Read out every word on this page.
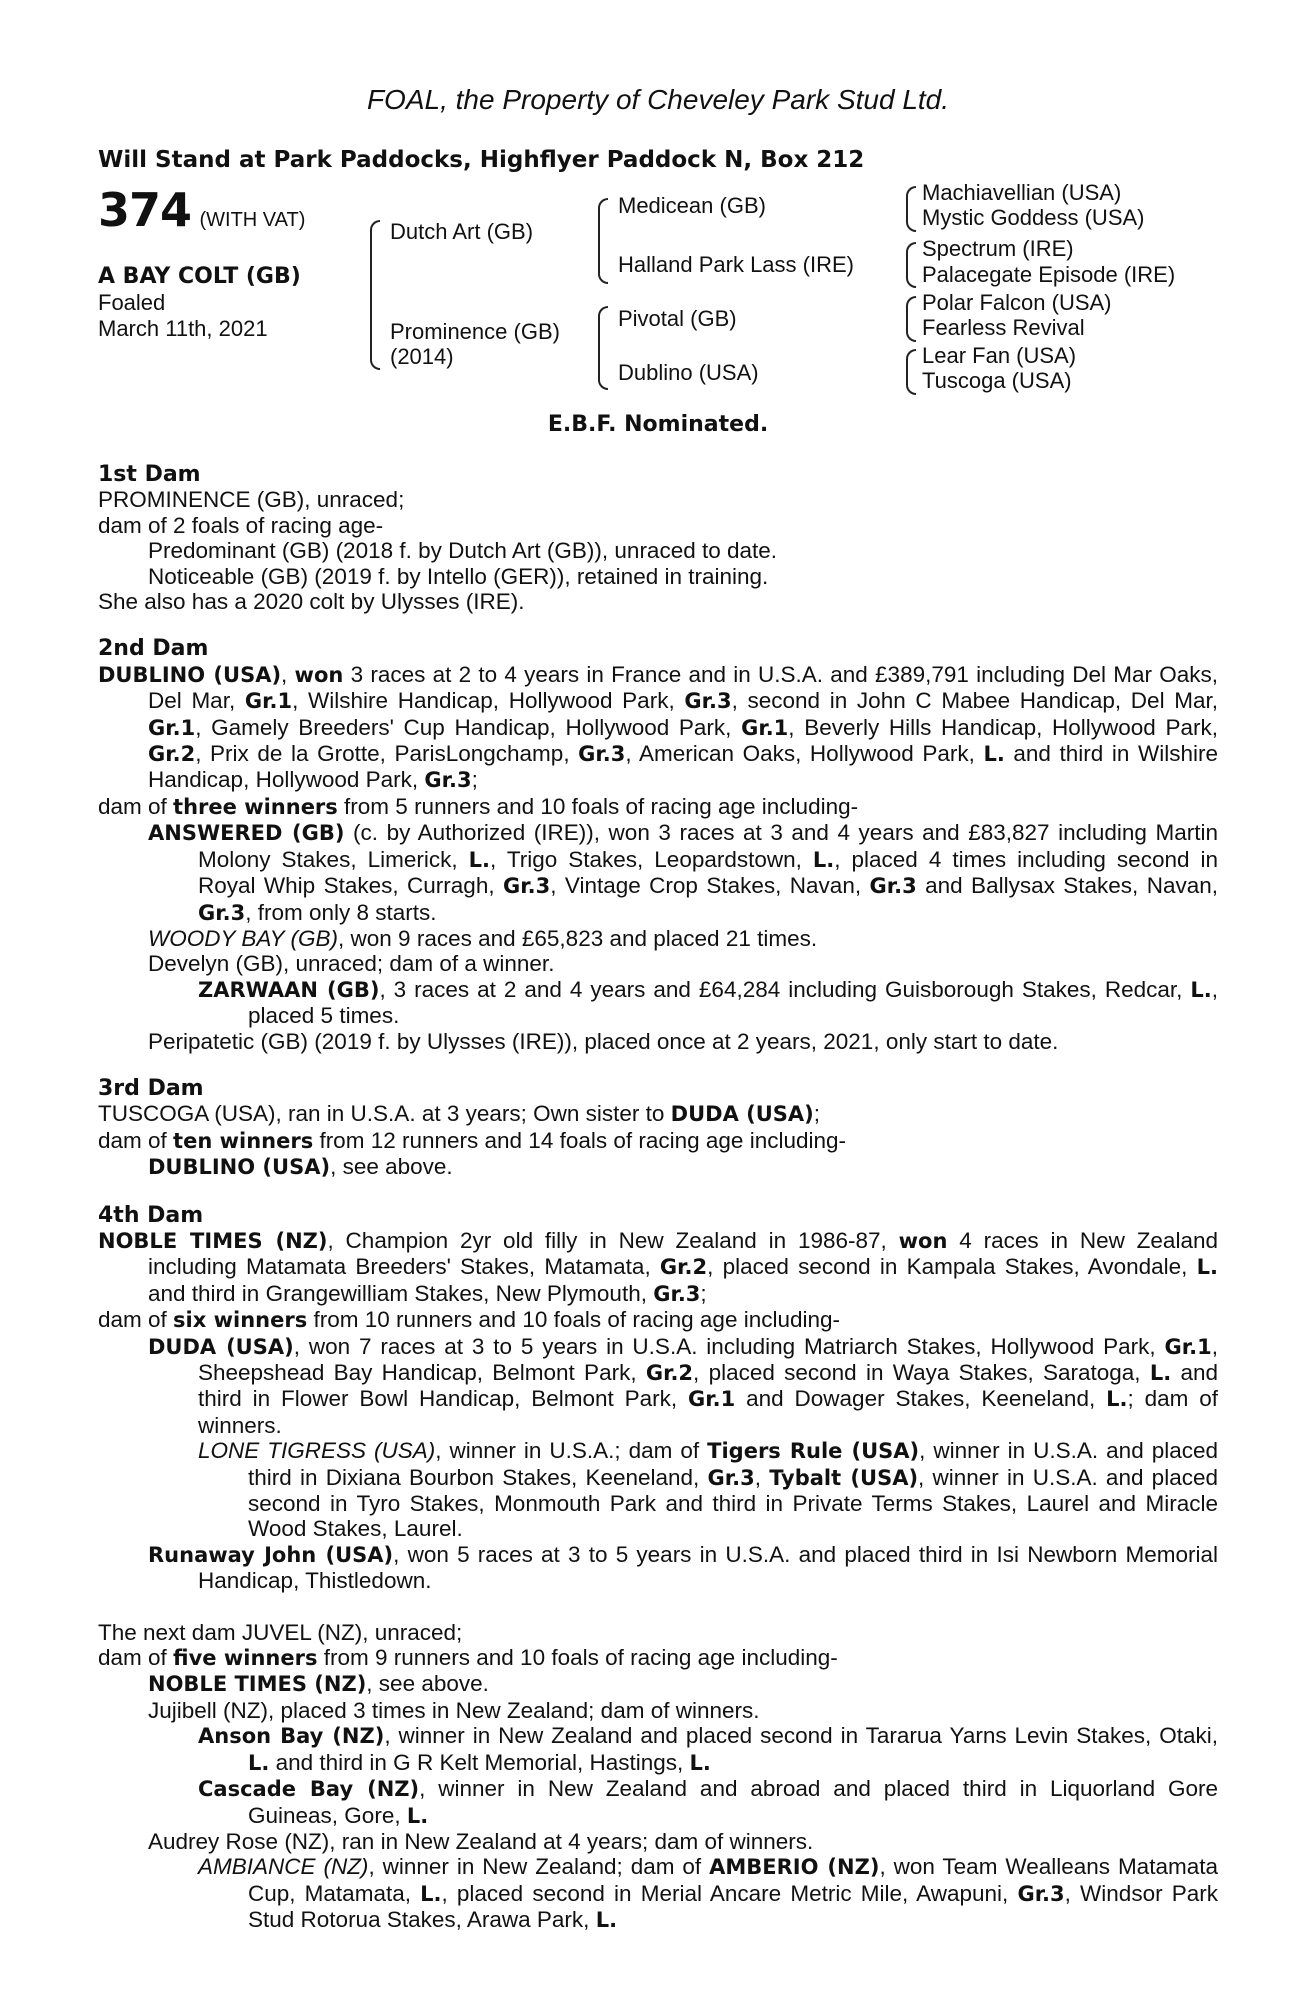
FOAL, the Property of Cheveley Park Stud Ltd.
Will Stand at Park Paddocks, Highflyer Paddock N, Box 212
374 (WITH VAT)
A BAY COLT (GB)
Foaled
March 11th, 2021
Dutch Art (GB)
Prominence (GB)
(2014)
Medicean (GB)
Halland Park Lass (IRE)
Pivotal (GB)
Dublino (USA)
Machiavellian (USA)
Mystic Goddess (USA)
Spectrum (IRE)
Palacegate Episode (IRE)
Polar Falcon (USA)
Fearless Revival
Lear Fan (USA)
Tuscoga (USA)
E.B.F. Nominated.
1st Dam
PROMINENCE (GB), unraced;
dam of 2 foals of racing age-
Predominant (GB) (2018 f. by Dutch Art (GB)), unraced to date.
Noticeable (GB) (2019 f. by Intello (GER)), retained in training.
She also has a 2020 colt by Ulysses (IRE).
2nd Dam
DUBLINO (USA), won 3 races at 2 to 4 years in France and in U.S.A. and £389,791 including Del Mar Oaks, Del Mar, Gr.1, Wilshire Handicap, Hollywood Park, Gr.3, second in John C Mabee Handicap, Del Mar, Gr.1, Gamely Breeders' Cup Handicap, Hollywood Park, Gr.1, Beverly Hills Handicap, Hollywood Park, Gr.2, Prix de la Grotte, ParisLongchamp, Gr.3, American Oaks, Hollywood Park, L. and third in Wilshire Handicap, Hollywood Park, Gr.3;
dam of three winners from 5 runners and 10 foals of racing age including-
ANSWERED (GB) (c. by Authorized (IRE)), won 3 races at 3 and 4 years and £83,827 including Martin Molony Stakes, Limerick, L., Trigo Stakes, Leopardstown, L., placed 4 times including second in Royal Whip Stakes, Curragh, Gr.3, Vintage Crop Stakes, Navan, Gr.3 and Ballysax Stakes, Navan, Gr.3, from only 8 starts.
WOODY BAY (GB), won 9 races and £65,823 and placed 21 times.
Develyn (GB), unraced; dam of a winner.
ZARWAAN (GB), 3 races at 2 and 4 years and £64,284 including Guisborough Stakes, Redcar, L., placed 5 times.
Peripatetic (GB) (2019 f. by Ulysses (IRE)), placed once at 2 years, 2021, only start to date.
3rd Dam
TUSCOGA (USA), ran in U.S.A. at 3 years; Own sister to DUDA (USA);
dam of ten winners from 12 runners and 14 foals of racing age including-
DUBLINO (USA), see above.
4th Dam
NOBLE TIMES (NZ), Champion 2yr old filly in New Zealand in 1986-87, won 4 races in New Zealand including Matamata Breeders' Stakes, Matamata, Gr.2, placed second in Kampala Stakes, Avondale, L. and third in Grangewilliam Stakes, New Plymouth, Gr.3;
dam of six winners from 10 runners and 10 foals of racing age including-
DUDA (USA), won 7 races at 3 to 5 years in U.S.A. including Matriarch Stakes, Hollywood Park, Gr.1, Sheepshead Bay Handicap, Belmont Park, Gr.2, placed second in Waya Stakes, Saratoga, L. and third in Flower Bowl Handicap, Belmont Park, Gr.1 and Dowager Stakes, Keeneland, L.; dam of winners.
LONE TIGRESS (USA), winner in U.S.A.; dam of Tigers Rule (USA), winner in U.S.A. and placed third in Dixiana Bourbon Stakes, Keeneland, Gr.3, Tybalt (USA), winner in U.S.A. and placed second in Tyro Stakes, Monmouth Park and third in Private Terms Stakes, Laurel and Miracle Wood Stakes, Laurel.
Runaway John (USA), won 5 races at 3 to 5 years in U.S.A. and placed third in Isi Newborn Memorial Handicap, Thistledown.
The next dam JUVEL (NZ), unraced;
dam of five winners from 9 runners and 10 foals of racing age including-
NOBLE TIMES (NZ), see above.
Jujibell (NZ), placed 3 times in New Zealand; dam of winners.
Anson Bay (NZ), winner in New Zealand and placed second in Tararua Yarns Levin Stakes, Otaki, L. and third in G R Kelt Memorial, Hastings, L.
Cascade Bay (NZ), winner in New Zealand and abroad and placed third in Liquorland Gore Guineas, Gore, L.
Audrey Rose (NZ), ran in New Zealand at 4 years; dam of winners.
AMBIANCE (NZ), winner in New Zealand; dam of AMBERIO (NZ), won Team Wealleans Matamata Cup, Matamata, L., placed second in Merial Ancare Metric Mile, Awapuni, Gr.3, Windsor Park Stud Rotorua Stakes, Arawa Park, L.
